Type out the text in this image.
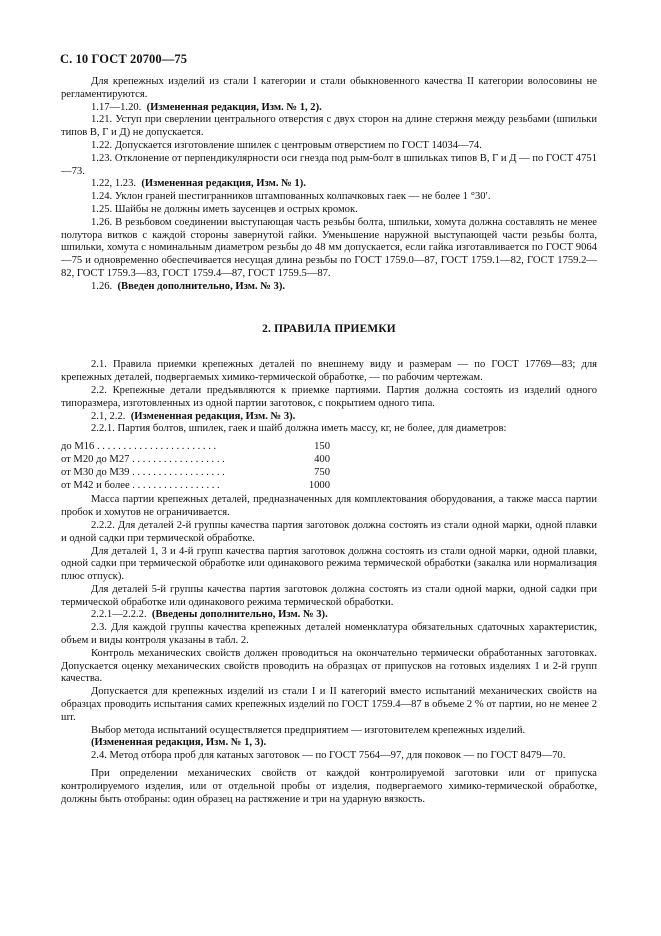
С. 10 ГОСТ 20700—75

Для крепежных изделий из стали I категории и стали обыкновенного качества II категории волосовины не регламентируются.

1.17—1.20. (Измененная редакция, Изм. № 1, 2).

1.21. Уступ при сверлении центрального отверстия с двух сторон на длине стержня между резьбами (шпильки типов В, Г и Д) не допускается.

1.22. Допускается изготовление шпилек с центровым отверстием по ГОСТ 14034—74.

1.23. Отклонение от перпендикулярности оси гнезда под рым-болт в шпильках типов В, Г и Д — по ГОСТ 4751—73.

1.22, 1.23. (Измененная редакция, Изм. № 1).

1.24. Уклон граней шестигранников штампованных колпачковых гаек — не более 1 °30′.

1.25. Шайбы не должны иметь заусенцев и острых кромок.

1.26. В резьбовом соединении выступающая часть резьбы болта, шпильки, хомута должна составлять не менее полутора витков с каждой стороны завернутой гайки. Уменьшение наружной выступающей части резьбы болта, шпильки, хомута с номинальным диаметром резьбы до 48 мм допускается, если гайка изготавливается по ГОСТ 9064—75 и одновременно обеспечивается несущая длина резьбы по ГОСТ 1759.0—87, ГОСТ 1759.1—82, ГОСТ 1759.2—82, ГОСТ 1759.3—83, ГОСТ 1759.4—87, ГОСТ 1759.5—87.

1.26. (Введен дополнительно, Изм. № 3).

2. ПРАВИЛА ПРИЕМКИ

2.1. Правила приемки крепежных деталей по внешнему виду и размерам — по ГОСТ 17769—83; для крепежных деталей, подвергаемых химико-термической обработке, — по рабочим чертежам.

2.2. Крепежные детали предъявляются к приемке партиями. Партия должна состоять из изделий одного типоразмера, изготовленных из одной партии заготовок, с покрытием одного типа.

2.1, 2.2. (Измененная редакция, Изм. № 3).

2.2.1. Партия болтов, шпилек, гаек и шайб должна иметь массу, кг, не более, для диаметров:

до М16 . . . . . . . . . . . . . . . . . . . . . . .	150
от М20 до М27 . . . . . . . . . . . . . . . . . .	400
от М30 до М39 . . . . . . . . . . . . . . . . . .	750
от М42 и более . . . . . . . . . . . . . . . . .	1000

Масса партии крепежных деталей, предназначенных для комплектования оборудования, а также масса партии пробок и хомутов не ограничивается.

2.2.2. Для деталей 2-й группы качества партия заготовок должна состоять из стали одной марки, одной плавки и одной садки при термической обработке.

Для деталей 1, 3 и 4-й групп качества партия заготовок должна состоять из стали одной марки, одной плавки, одной садки при термической обработке или одинакового режима термической обработки (закалка или нормализация плюс отпуск).

Для деталей 5-й группы качества партия заготовок должна состоять из стали одной марки, одной садки при термической обработке или одинакового режима термической обработки.

2.2.1—2.2.2. (Введены дополнительно, Изм. № 3).

2.3. Для каждой группы качества крепежных деталей номенклатура обязательных сдаточных характеристик, объем и виды контроля указаны в табл. 2.

Контроль механических свойств должен проводиться на окончательно термически обработанных заготовках. Допускается оценку механических свойств проводить на образцах от припусков на готовых изделиях 1 и 2-й групп качества.

Допускается для крепежных изделий из стали I и II категорий вместо испытаний механических свойств на образцах проводить испытания самих крепежных изделий по ГОСТ 1759.4—87 в объеме 2 % от партии, но не менее 2 шт.

Выбор метода испытаний осуществляется предприятием — изготовителем крепежных изделий.

(Измененная редакция, Изм. № 1, 3).

2.4. Метод отбора проб для катаных заготовок — по ГОСТ 7564—97, для поковок — по ГОСТ 8479—70.

При определении механических свойств от каждой контролируемой заготовки или от припуска контролируемого изделия, или от отдельной пробы от изделия, подвергаемого химико-термической обработке, должны быть отобраны: один образец на растяжение и три на ударную вязкость.
